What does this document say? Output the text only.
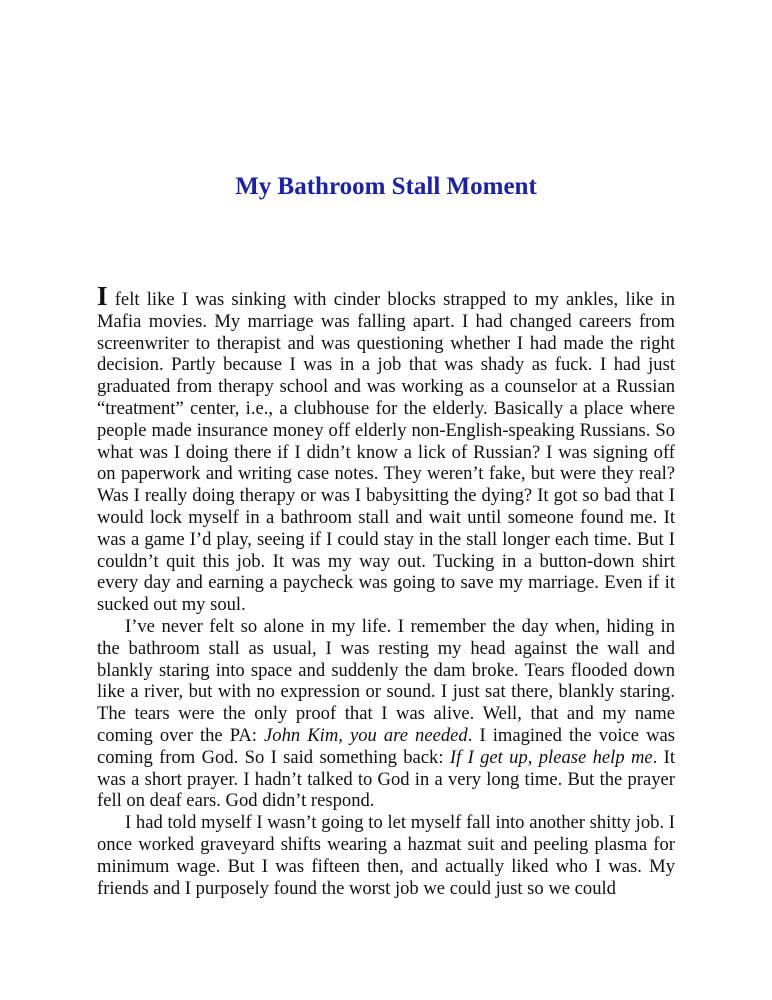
My Bathroom Stall Moment

I felt like I was sinking with cinder blocks strapped to my ankles, like in Mafia movies. My marriage was falling apart. I had changed careers from screenwriter to therapist and was questioning whether I had made the right decision. Partly because I was in a job that was shady as fuck. I had just graduated from therapy school and was working as a counselor at a Russian “treatment” center, i.e., a clubhouse for the elderly. Basically a place where people made insurance money off elderly non-English-speaking Russians. So what was I doing there if I didn’t know a lick of Russian? I was signing off on paperwork and writing case notes. They weren’t fake, but were they real? Was I really doing therapy or was I babysitting the dying? It got so bad that I would lock myself in a bathroom stall and wait until someone found me. It was a game I’d play, seeing if I could stay in the stall longer each time. But I couldn’t quit this job. It was my way out. Tucking in a button-down shirt every day and earning a paycheck was going to save my marriage. Even if it sucked out my soul.

I’ve never felt so alone in my life. I remember the day when, hiding in the bathroom stall as usual, I was resting my head against the wall and blankly staring into space and suddenly the dam broke. Tears flooded down like a river, but with no expression or sound. I just sat there, blankly staring. The tears were the only proof that I was alive. Well, that and my name coming over the PA: John Kim, you are needed. I imagined the voice was coming from God. So I said something back: If I get up, please help me. It was a short prayer. I hadn’t talked to God in a very long time. But the prayer fell on deaf ears. God didn’t respond.

I had told myself I wasn’t going to let myself fall into another shitty job. I once worked graveyard shifts wearing a hazmat suit and peeling plasma for minimum wage. But I was fifteen then, and actually liked who I was. My friends and I purposely found the worst job we could just so we could
